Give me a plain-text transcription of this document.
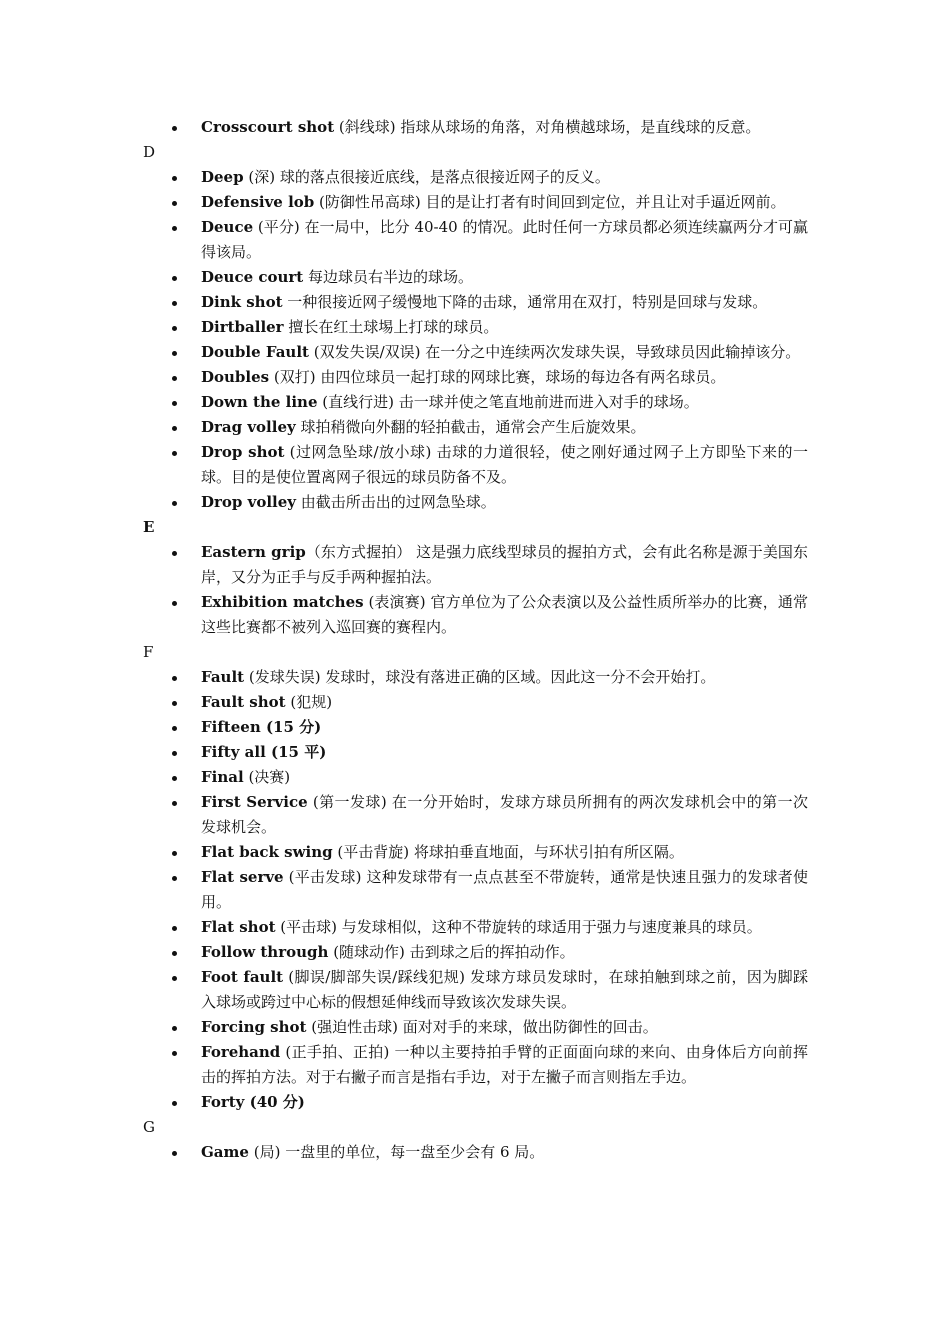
Crosscourt shot (斜线球) 指球从球场的角落，对角横越球场，是直线球的反意。
D
Deep (深) 球的落点很接近底线，是落点很接近网子的反义。
Defensive lob (防御性吊高球) 目的是让打者有时间回到定位，并且让对手逼近网前。
Deuce (平分) 在一局中，比分 40-40 的情况。此时任何一方球员都必须连续赢两分才可赢得该局。
Deuce court 每边球员右半边的球场。
Dink shot 一种很接近网子缓慢地下降的击球，通常用在双打，特别是回球与发球。
Dirtballer 擅长在红土球埸上打球的球员。
Double Fault (双发失误/双误) 在一分之中连续两次发球失误，导致球员因此输掉该分。
Doubles (双打) 由四位球员一起打球的网球比赛，球场的每边各有两名球员。
Down the line (直线行进) 击一球并使之笔直地前进而进入对手的球场。
Drag volley 球拍稍微向外翻的轻拍截击，通常会产生后旋效果。
Drop shot (过网急坠球/放小球) 击球的力道很轻，使之刚好通过网子上方即坠下来的一球。目的是使位置离网子很远的球员防备不及。
Drop volley 由截击所击出的过网急坠球。
E
Eastern grip（东方式握拍） 这是强力底线型球员的握拍方式，会有此名称是源于美国东岸，又分为正手与反手两种握拍法。
Exhibition matches (表演赛) 官方单位为了公众表演以及公益性质所举办的比赛，通常这些比赛都不被列入巡回赛的赛程内。
F
Fault (发球失误) 发球时，球没有落进正确的区域。因此这一分不会开始打。
Fault shot (犯规)
Fifteen (15 分)
Fifty all (15 平)
Final (决赛)
First Service (第一发球) 在一分开始时，发球方球员所拥有的两次发球机会中的第一次发球机会。
Flat back swing (平击背旋) 将球拍垂直地面，与环状引拍有所区隔。
Flat serve (平击发球) 这种发球带有一点点甚至不带旋转，通常是快速且强力的发球者使用。
Flat shot (平击球) 与发球相似，这种不带旋转的球适用于强力与速度兼具的球员。
Follow through (随球动作) 击到球之后的挥拍动作。
Foot fault (脚误/脚部失误/踩线犯规) 发球方球员发球时，在球拍触到球之前，因为脚踩入球场或跨过中心标的假想延伸线而导致该次发球失误。
Forcing shot (强迫性击球) 面对对手的来球，做出防御性的回击。
Forehand (正手拍、正拍) 一种以主要持拍手臂的正面面向球的来向、由身体后方向前挥击的挥拍方法。对于右撇子而言是指右手边，对于左撇子而言则指左手边。
Forty (40 分)
G
Game (局) 一盘里的单位，每一盘至少会有 6 局。
